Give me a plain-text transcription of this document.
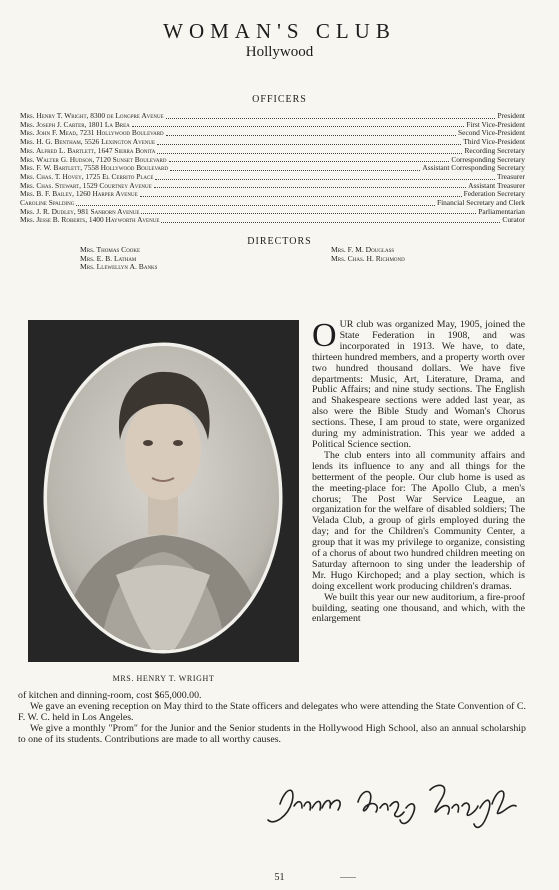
WOMAN'S CLUB
Hollywood
OFFICERS
Mrs. Henry T. Wright, 8300 de Longpre Avenue	President
Mrs. Joseph J. Carter, 1801 La Brea	First Vice-President
Mrs. John F. Mead, 7231 Hollywood Boulevard	Second Vice-President
Mrs. H. G. Bentham, 5526 Lexington Avenue	Third Vice-President
Mrs. Alfred L. Bartlett, 1647 Sierra Bonita	Recording Secretary
Mrs. Walter G. Hudson, 7120 Sunset Boulevard	Corresponding Secretary
Mrs. F. W. Bartlett, 7558 Hollywood Boulevard	Assistant Corresponding Secretary
Mrs. Chas. T. Hovey, 1725 El Cerrito Place	Treasurer
Mrs. Chas. Stewart, 1529 Courtney Avenue	Assistant Treasurer
Mrs. B. F. Bailey, 1260 Harper Avenue	Federation Secretary
Caroline Spalding	Financial Secretary and Clerk
Mrs. J. R. Dudley, 981 Sanborn Avenue	Parliamentarian
Mrs. Jesse B. Roberts, 1400 Hayworth Avenue	Curator
DIRECTORS
Mrs. Thomas Cooke
Mrs. E. B. Latham
Mrs. Llewellyn A. Banks
Mrs. F. M. Douglass
Mrs. Chas. H. Richmond
MRS. HENRY T. WRIGHT
OUR club was organized May, 1905, joined the State Federation in 1908, and was incorporated in 1913. We have, to date, thirteen hundred members, and a property worth over two hundred thousand dollars. We have five departments: Music, Art, Literature, Drama, and Public Affairs; and nine study sections. The English and Shakespeare sections were added last year, as also were the Bible Study and Woman's Chorus sections. These, I am proud to state, were organized during my administration. This year we added a Political Science section.
The club enters into all community affairs and lends its influence to any and all things for the betterment of the people. Our club home is used as the meeting-place for: The Apollo Club, a men's chorus; The Post War Service League, an organization for the welfare of disabled soldiers; The Velada Club, a group of girls employed during the day; and for the Children's Community Center, a group that it was my privilege to organize, consisting of a chorus of about two hundred children meeting on Saturday afternoon to sing under the leadership of Mr. Hugo Kirchoped; and a play section, which is doing excellent work producing children's dramas.
We built this year our new auditorium, a fire-proof building, seating one thousand, and which, with the enlargement

of kitchen and dinning-room, cost $65,000.00.

We gave an evening reception on May third to the State officers and delegates who were attending the State Convention of C. F. W. C. held in Los Angeles.

We give a monthly "Prom" for the Junior and the Senior students in the Hollywood High School, also an annual scholarship to one of its students. Contributions are made to all worthy causes.

51
